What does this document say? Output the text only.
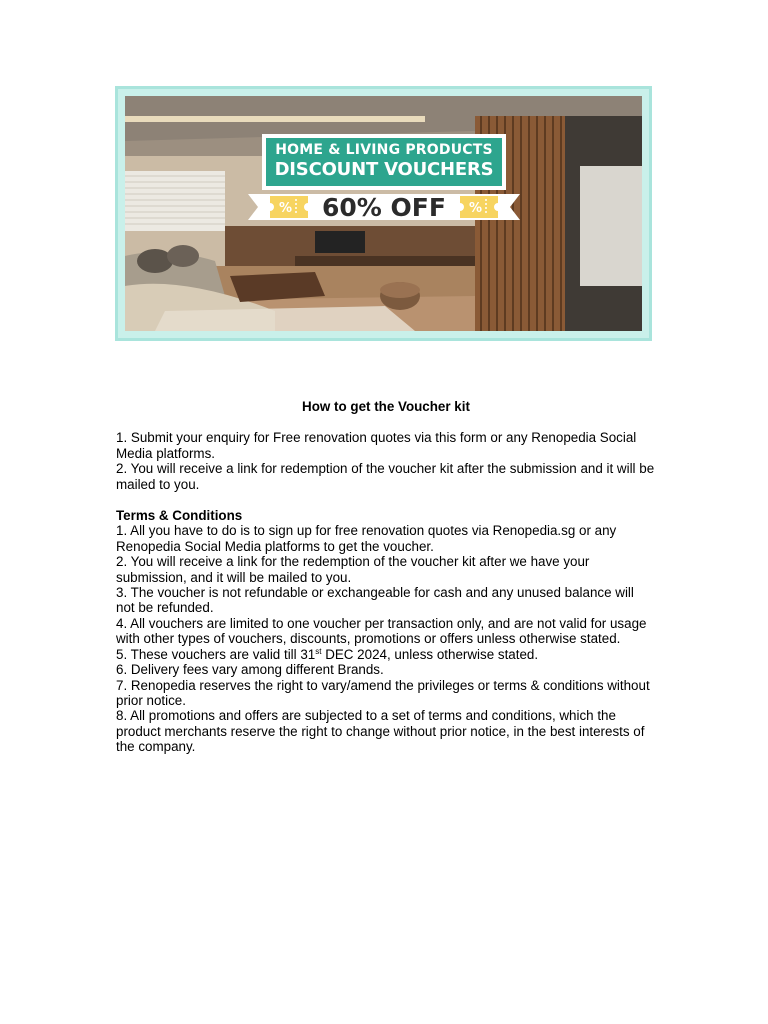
HOME & LIVING PRODUCTS
DISCOUNT VOUCHERS
%	60% OFF	%

How to get the Voucher kit

1. Submit your enquiry for Free renovation quotes via this form or any Renopedia Social Media platforms.

2. You will receive a link for redemption of the voucher kit after the submission and it will be mailed to you.

Terms & Conditions

1. All you have to do is to sign up for free renovation quotes via Renopedia.sg or any Renopedia Social Media platforms to get the voucher.

2. You will receive a link for the redemption of the voucher kit after we have your submission, and it will be mailed to you.

3. The voucher is not refundable or exchangeable for cash and any unused balance will not be refunded.

4. All vouchers are limited to one voucher per transaction only, and are not valid for usage with other types of vouchers, discounts, promotions or offers unless otherwise stated.

5. These vouchers are valid till 31st DEC 2024, unless otherwise stated.

6. Delivery fees vary among different Brands.

7. Renopedia reserves the right to vary/amend the privileges or terms & conditions without prior notice.

8. All promotions and offers are subjected to a set of terms and conditions, which the product merchants reserve the right to change without prior notice, in the best interests of the company.
